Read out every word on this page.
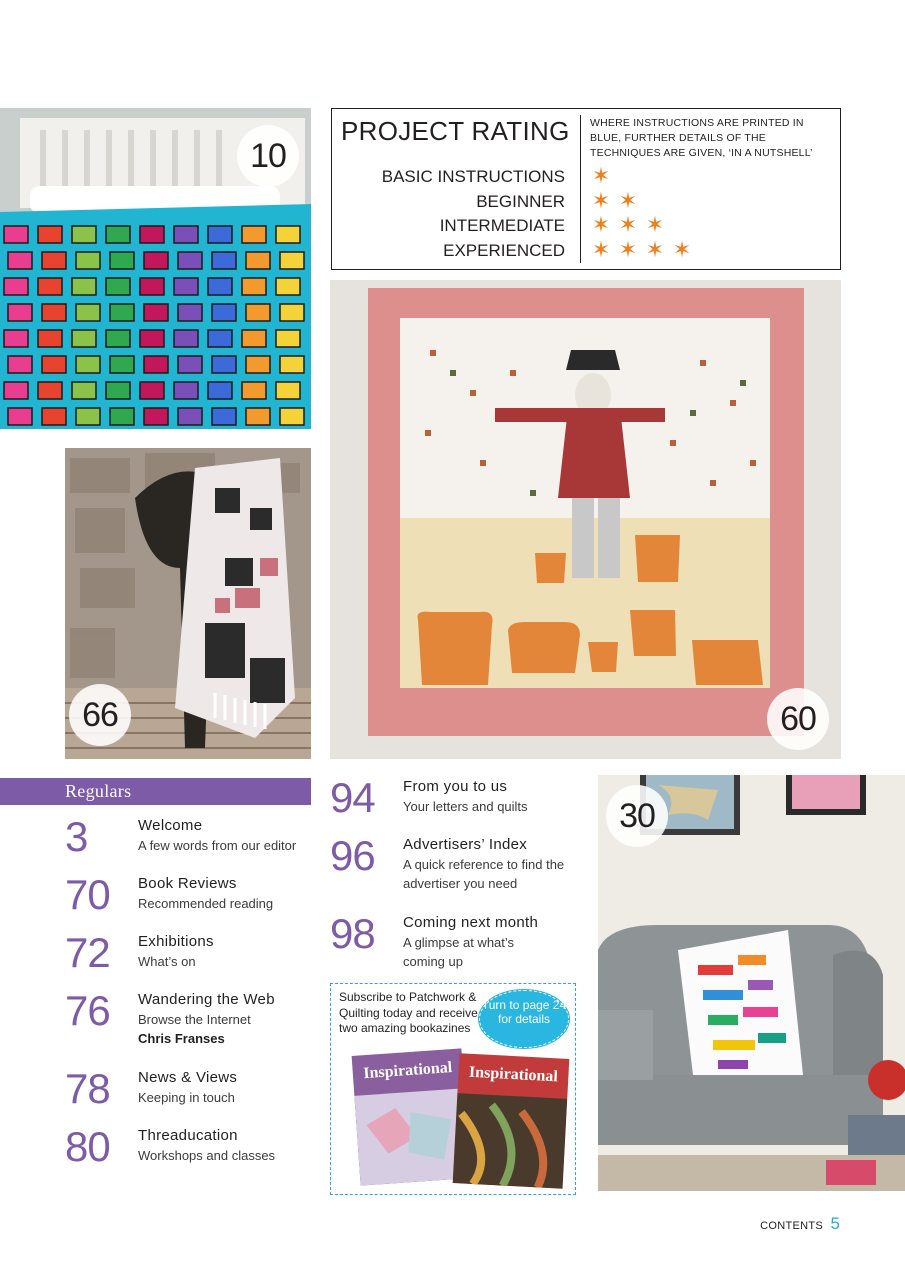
10
66
PROJECT RATING WHERE INSTRUCTIONS ARE PRINTED IN BLUE, FURTHER DETAILS OF THE TECHNIQUES ARE GIVEN, ‘IN A NUTSHELL’
BASIC INSTRUCTIONS ✶
BEGINNER ✶ ✶
INTERMEDIATE ✶ ✶ ✶
EXPERIENCED ✶ ✶ ✶ ✶
60
Regulars
3	Welcome
A few words from our editor
70 Book Reviews
Recommended reading
72 Exhibitions
What’s on
76 Wandering the Web
Browse the Internet
Chris Franses
78 News & Views
Keeping in touch
80 Threaducation
Workshops and classes
94 From you to us
Your letters and quilts
96 Advertisers’ Index
A quick reference to find the
advertiser you need
98 Coming next month
A glimpse at what’s
coming up
Subscribe to Patchwork & Quilting today and receive two amazing bookazines
Turn to page 24 for details
Inspirational Inspirational
30
CONTENTS 5
